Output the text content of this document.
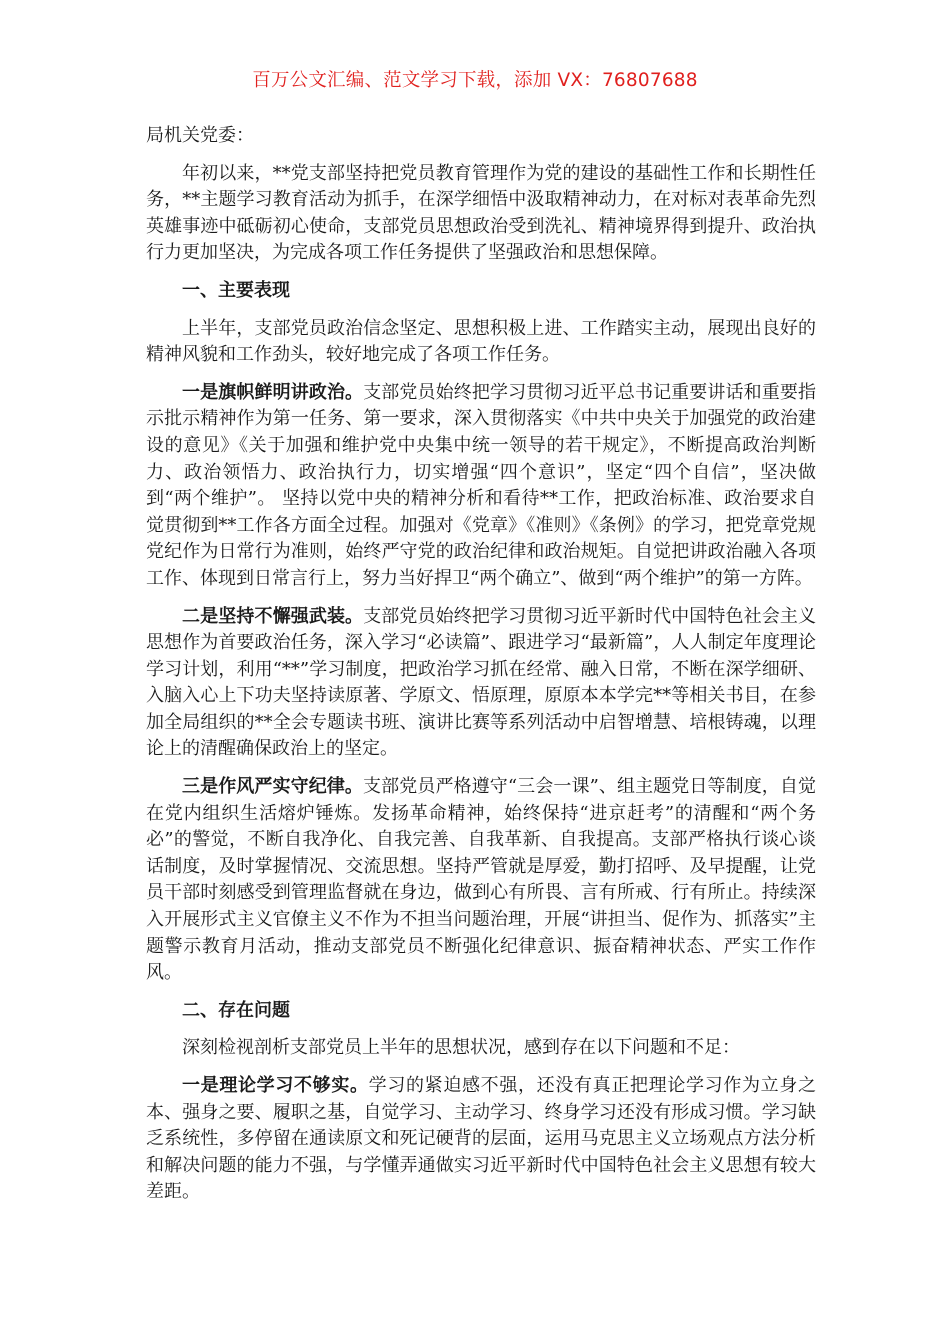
百万公文汇编、范文学习下载，添加 VX：76807688

局机关党委：

年初以来，**党支部坚持把党员教育管理作为党的建设的基础性工作和长期性任务，**主题学习教育活动为抓手，在深学细悟中汲取精神动力，在对标对表革命先烈英雄事迹中砥砺初心使命，支部党员思想政治受到洗礼、精神境界得到提升、政治执行力更加坚决，为完成各项工作任务提供了坚强政治和思想保障。

一、主要表现

上半年，支部党员政治信念坚定、思想积极上进、工作踏实主动，展现出良好的精神风貌和工作劲头，较好地完成了各项工作任务。

一是旗帜鲜明讲政治。支部党员始终把学习贯彻习近平总书记重要讲话和重要指示批示精神作为第一任务、第一要求，深入贯彻落实《中共中央关于加强党的政治建设的意见》《关于加强和维护党中央集中统一领导的若干规定》，不断提高政治判断力、政治领悟力、政治执行力，切实增强“四个意识”，坚定“四个自信”，坚决做到“两个维护”。 坚持以党中央的精神分析和看待**工作，把政治标准、政治要求自觉贯彻到**工作各方面全过程。加强对《党章》《准则》《条例》的学习，把党章党规党纪作为日常行为准则，始终严守党的政治纪律和政治规矩。自觉把讲政治融入各项工作、体现到日常言行上，努力当好捍卫“两个确立”、做到“两个维护”的第一方阵。

二是坚持不懈强武装。支部党员始终把学习贯彻习近平新时代中国特色社会主义思想作为首要政治任务，深入学习“必读篇”、跟进学习“最新篇”，人人制定年度理论学习计划，利用“**”学习制度，把政治学习抓在经常、融入日常，不断在深学细研、入脑入心上下功夫坚持读原著、学原文、悟原理，原原本本学完**等相关书目，在参加全局组织的**全会专题读书班、演讲比赛等系列活动中启智增慧、培根铸魂，以理论上的清醒确保政治上的坚定。

三是作风严实守纪律。支部党员严格遵守“三会一课”、组主题党日等制度，自觉在党内组织生活熔炉锤炼。发扬革命精神，始终保持“进京赶考”的清醒和“两个务必”的警觉，不断自我净化、自我完善、自我革新、自我提高。支部严格执行谈心谈话制度，及时掌握情况、交流思想。坚持严管就是厚爱，勤打招呼、及早提醒，让党员干部时刻感受到管理监督就在身边，做到心有所畏、言有所戒、行有所止。持续深入开展形式主义官僚主义不作为不担当问题治理，开展“讲担当、促作为、抓落实”主题警示教育月活动，推动支部党员不断强化纪律意识、振奋精神状态、严实工作作风。

二、存在问题

深刻检视剖析支部党员上半年的思想状况，感到存在以下问题和不足：

一是理论学习不够实。学习的紧迫感不强，还没有真正把理论学习作为立身之本、强身之要、履职之基，自觉学习、主动学习、终身学习还没有形成习惯。学习缺乏系统性，多停留在通读原文和死记硬背的层面，运用马克思主义立场观点方法分析和解决问题的能力不强，与学懂弄通做实习近平新时代中国特色社会主义思想有较大差距。
